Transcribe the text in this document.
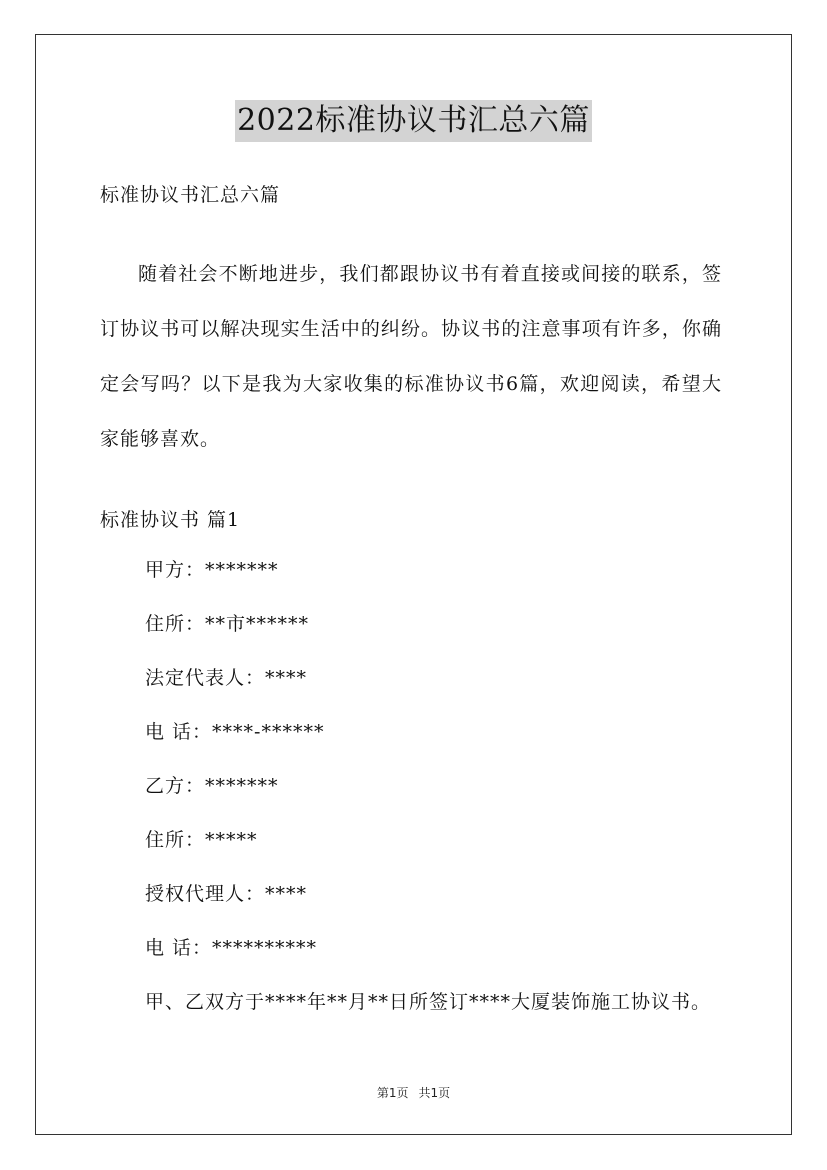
2022标准协议书汇总六篇
标准协议书汇总六篇

随着社会不断地进步，我们都跟协议书有着直接或间接的联系，签订协议书可以解决现实生活中的纠纷。协议书的注意事项有许多，你确定会写吗？以下是我为大家收集的标准协议书6篇，欢迎阅读，希望大家能够喜欢。

标准协议书 篇1
甲方：*******
住所：**市******
法定代表人：****
电 话：****-******
乙方：*******
住所：*****
授权代理人：****
电 话：**********
甲、乙双方于****年**月**日所签订****大厦装饰施工协议书。
第1页 共1页
